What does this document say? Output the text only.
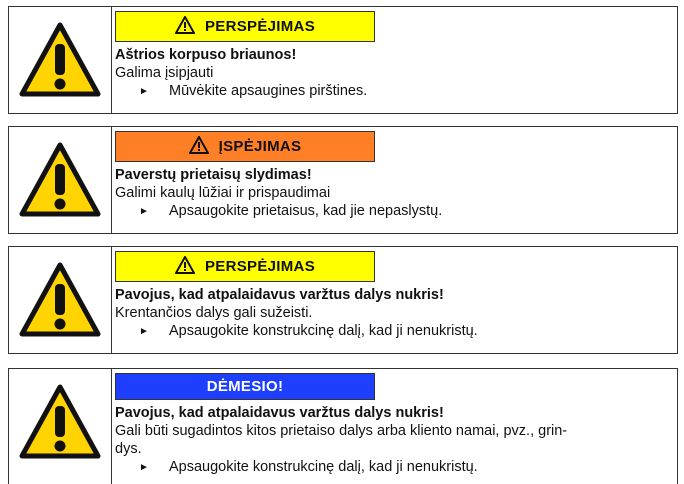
PERSPĖJIMAS
Aštrios korpuso briaunos!
Galima įsipjauti
► Mūvėkite apsaugines pirštines.
ĮSPĖJIMAS
Paverstų prietaisų slydimas!
Galimi kaulų lūžiai ir prispaudimai
► Apsaugokite prietaisus, kad jie nepaslystų.
PERSPĖJIMAS
Pavojus, kad atpalaidavus varžtus dalys nukris!
Krentančios dalys gali sužeisti.
► Apsaugokite konstrukcinę dalį, kad ji nenukristų.
DĖMESIO!
Pavojus, kad atpalaidavus varžtus dalys nukris!
Gali būti sugadintos kitos prietaiso dalys arba kliento namai, pvz., grin-
dys.
► Apsaugokite konstrukcinę dalį, kad ji nenukristų.
